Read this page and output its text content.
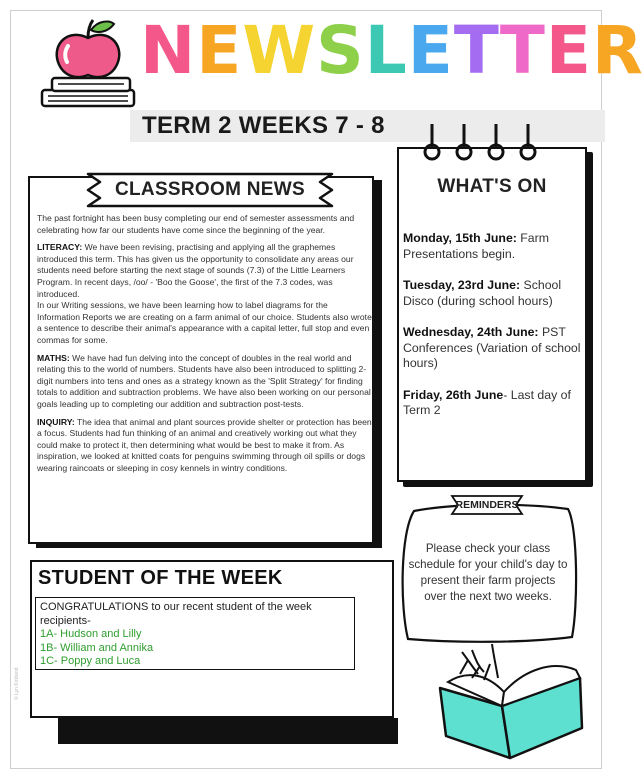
N E W S L E T T E R
TERM 2 WEEKS 7 - 8
CLASSROOM NEWS

The past fortnight has been busy completing our end of semester assessments and celebrating how far our students have come since the beginning of the year.

LITERACY: We have been revising, practising and applying all the graphemes introduced this term. This has given us the opportunity to consolidate any areas our students need before starting the next stage of sounds (7.3) of the Little Learners Program. In recent days, /oo/ - 'Boo the Goose', the first of the 7.3 codes, was introduced.
In our Writing sessions, we have been learning how to label diagrams for the Information Reports we are creating on a farm animal of our choice. Students also wrote a sentence to describe their animal's appearance with a capital letter, full stop and even commas for some.

MATHS: We have had fun delving into the concept of doubles in the real world and relating this to the world of numbers. Students have also been introduced to splitting 2-digit numbers into tens and ones as a strategy known as the 'Split Strategy' for finding totals to addition and subtraction problems. We have also been working on our personal goals leading up to completing our addition and subtraction post-tests.

INQUIRY: The idea that animal and plant sources provide shelter or protection has been a focus. Students had fun thinking of an animal and creatively working out what they could make to protect it, then determining what would be best to make it from. As inspiration, we looked at knitted coats for penguins swimming through oil spills or dogs wearing raincoats or sleeping in cosy kennels in wintry conditions.

WHAT'S ON
Monday, 15th June: Farm Presentations begin.
Tuesday, 23rd June: School Disco (during school hours)
Wednesday, 24th June: PST Conferences (Variation of school hours)
Friday, 26th June- Last day of Term 2
REMINDERS
Please check your class schedule for your child's day to present their farm projects over the next two weeks.
STUDENT OF THE WEEK
CONGRATULATIONS to our recent student of the week recipients-
1A- Hudson and Lilly
1B- William and Annika
1C- Poppy and Luca
© Lyn Kirkland
